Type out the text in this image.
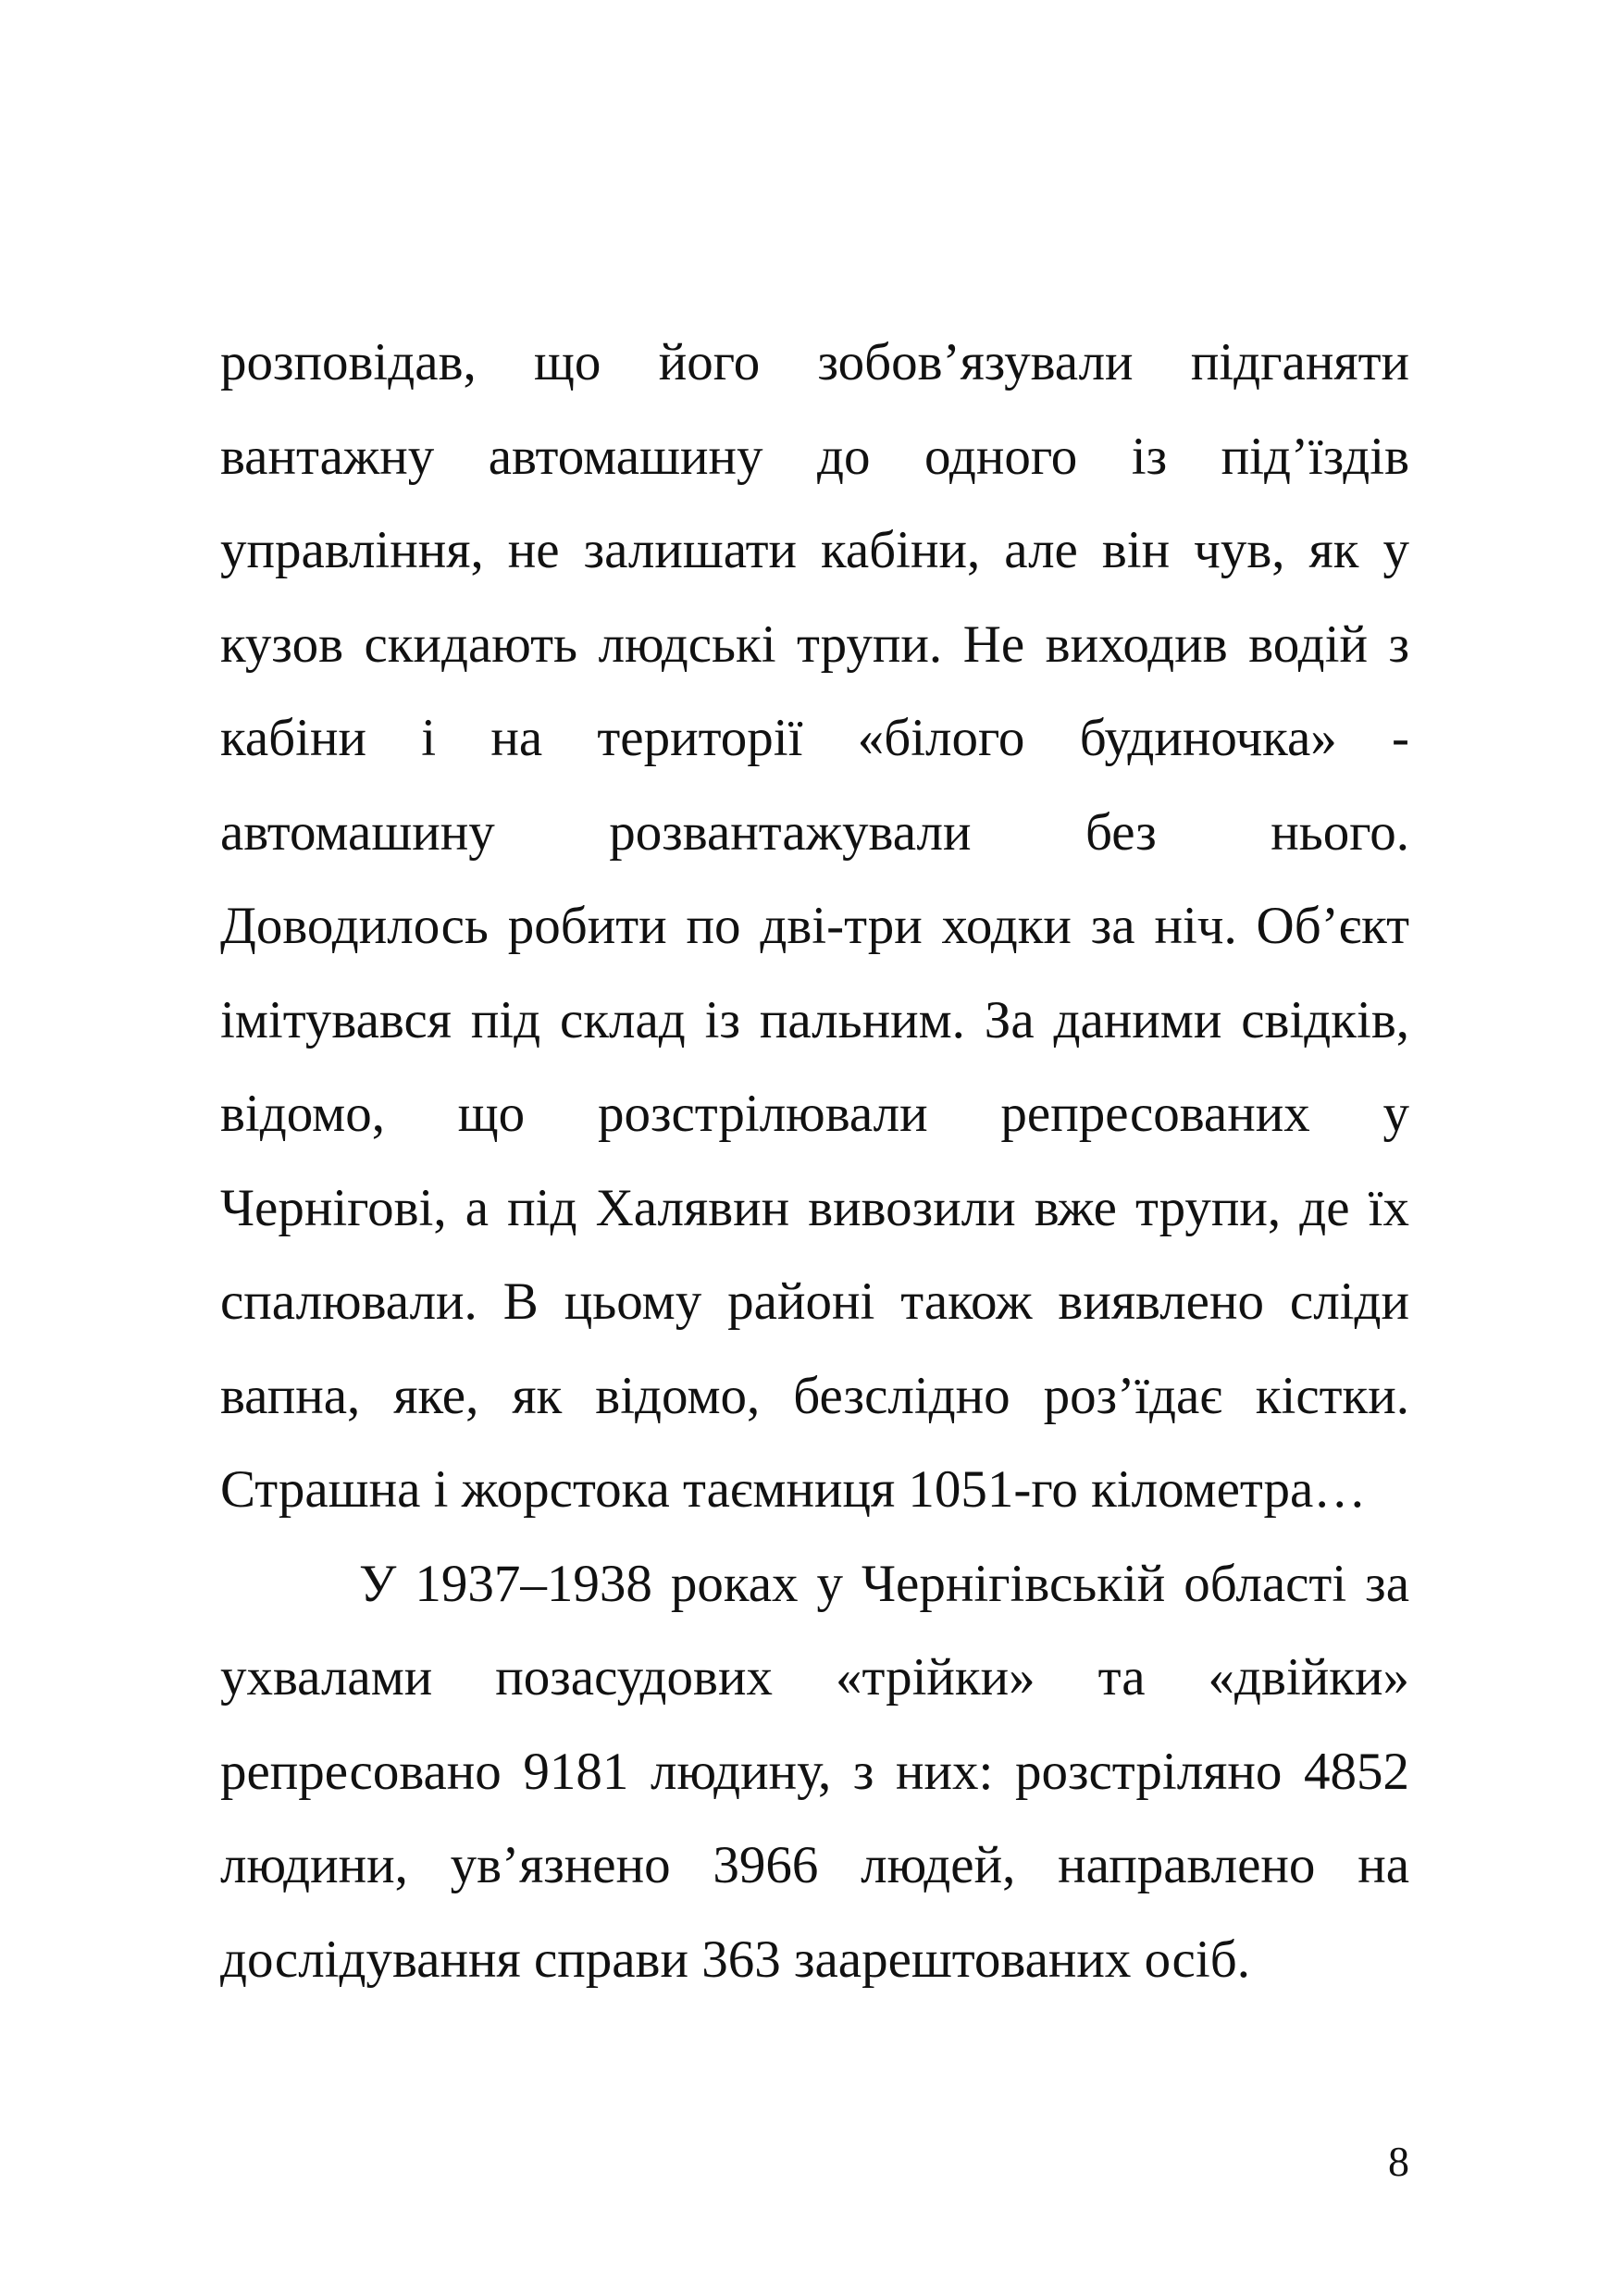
розповідав, що його зобов’язували підганяти
вантажну автомашину до одного із під’їздів
управління, не залишати кабіни, але він чув, як у
кузов скидають людські трупи. Не виходив водій з
кабіни і на території «білого будиночка» -
автомашину розвантажували без нього.
Доводилось робити по дві-три ходки за ніч. Об’єкт
імітувався під склад із пальним. За даними свідків,
відомо, що розстрілювали репресованих у
Чернігові, а під Халявин вивозили вже трупи, де їх
спалювали. В цьому районі також виявлено сліди
вапна, яке, як відомо, безслідно роз’їдає кістки.
Страшна і жорстока таємниця 1051-го кілометра…
У 1937–1938 роках у Чернігівській області за
ухвалами позасудових «трійки» та «двійки»
репресовано 9181 людину, з них: розстріляно 4852
людини, ув’язнено 3966 людей, направлено на
дослідування справи 363 заарештованих осіб.
8
